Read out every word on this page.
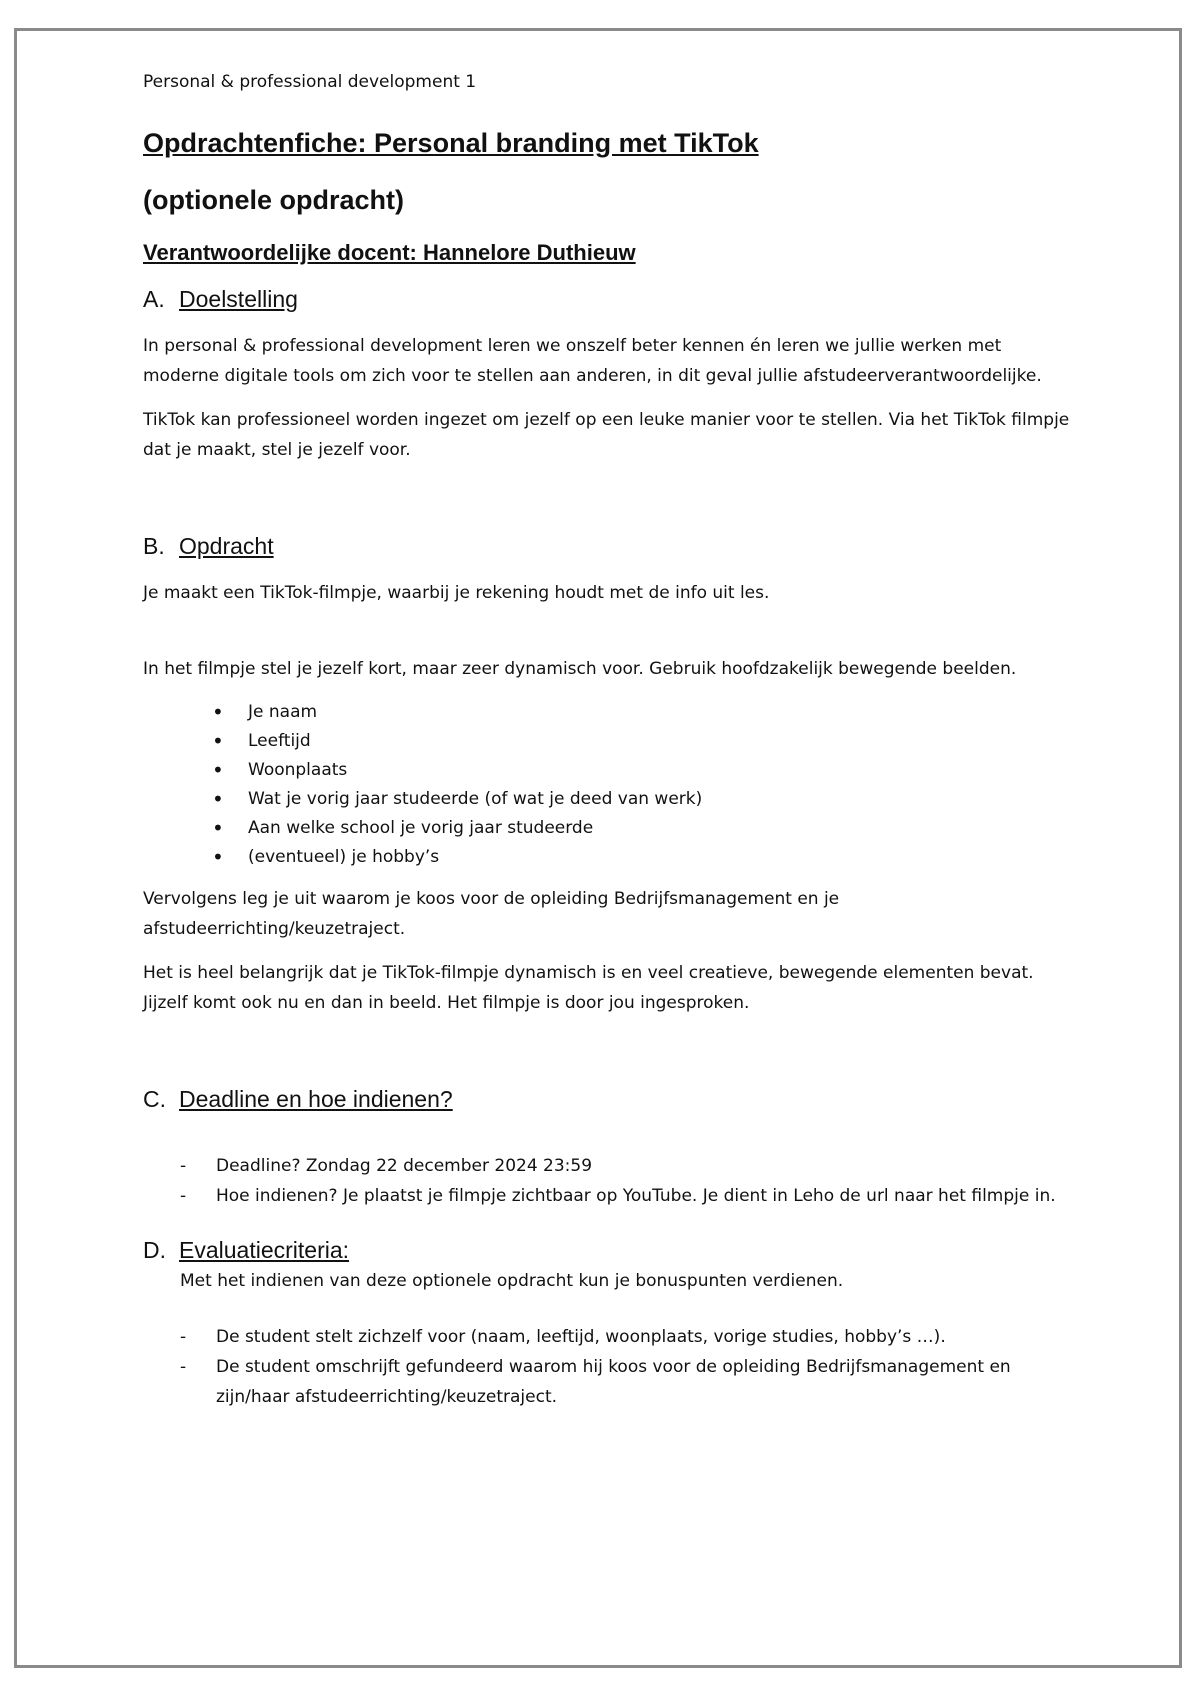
Personal & professional development 1
Opdrachtenfiche: Personal branding met TikTok
(optionele opdracht)
Verantwoordelijke docent: Hannelore Duthieuw
A. Doelstelling

In personal & professional development leren we onszelf beter kennen én leren we jullie werken met moderne digitale tools om zich voor te stellen aan anderen, in dit geval jullie afstudeerverantwoordelijke.

TikTok kan professioneel worden ingezet om jezelf op een leuke manier voor te stellen. Via het TikTok filmpje dat je maakt, stel je jezelf voor.

B. Opdracht

Je maakt een TikTok-filmpje, waarbij je rekening houdt met de info uit les.

In het filmpje stel je jezelf kort, maar zeer dynamisch voor. Gebruik hoofdzakelijk bewegende beelden.

• Je naam
• Leeftijd
• Woonplaats
• Wat je vorig jaar studeerde (of wat je deed van werk)
• Aan welke school je vorig jaar studeerde
• (eventueel) je hobby’s

Vervolgens leg je uit waarom je koos voor de opleiding Bedrijfsmanagement en je afstudeerrichting/keuzetraject.

Het is heel belangrijk dat je TikTok-filmpje dynamisch is en veel creatieve, bewegende elementen bevat. Jijzelf komt ook nu en dan in beeld. Het filmpje is door jou ingesproken.

C. Deadline en hoe indienen?
- Deadline? Zondag 22 december 2024 23:59
- Hoe indienen? Je plaatst je filmpje zichtbaar op YouTube. Je dient in Leho de url naar het filmpje in.
D. Evaluatiecriteria:

Met het indienen van deze optionele opdracht kun je bonuspunten verdienen.

- De student stelt zichzelf voor (naam, leeftijd, woonplaats, vorige studies, hobby’s …).
- De student omschrijft gefundeerd waarom hij koos voor de opleiding Bedrijfsmanagement en zijn/haar afstudeerrichting/keuzetraject.
